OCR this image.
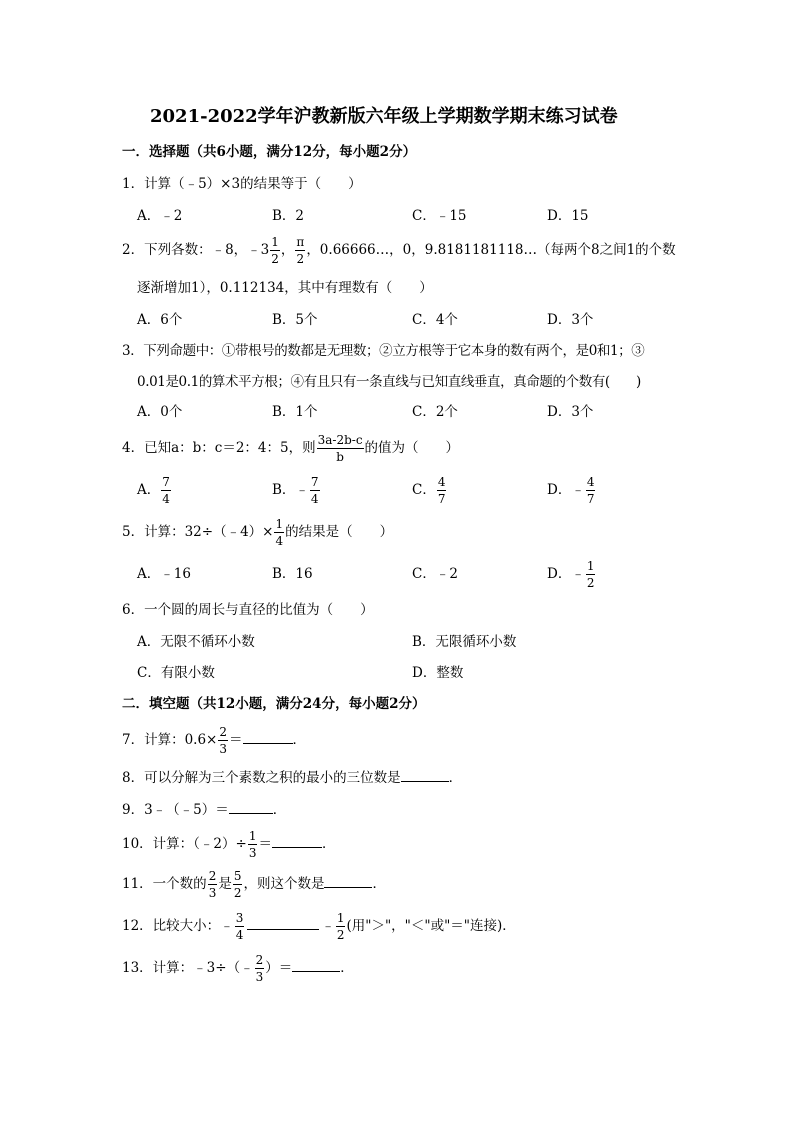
2021-2022学年沪教新版六年级上学期数学期末练习试卷
一．选择题（共6小题，满分12分，每小题2分）
1．计算（﹣5）×3的结果等于（　　）
A．﹣2	B．2	C．﹣15	D．15
2．下列各数：﹣8，﹣3 $\frac{1}{2}$ ， $\frac{\pi}{2}$ ，0.66666…，0，9.8181181118…（每两个8之间1的个数
逐渐增加1），0.112134，其中有理数有（　　）
A．6个	B．5个	C．4个	D．3个
3．下列命题中：①带根号的数都是无理数；②立方根等于它本身的数有两个，是0和1；③
0.01是0.1的算术平方根；④有且只有一条直线与已知直线垂直，真命题的个数有(　　)
A．0个	B．1个	C．2个	D．3个
4．已知a：b：c＝2：4：5，则 $\frac{3a-2b-c}{b}$ 的值为（　　）
A． $\frac{7}{4}$	B．﹣ $\frac{7}{4}$	C． $\frac{4}{7}$	D．﹣ $\frac{4}{7}$
5．计算：32÷（﹣4）× $\frac{1}{4}$ 的结果是（　　）
A．﹣16	B．16	C．﹣2	D．﹣ $\frac{1}{2}$
6．一个圆的周长与直径的比值为（　　）
A．无限不循环小数	B．无限循环小数
C．有限小数	D．整数
二．填空题（共12小题，满分24分，每小题2分）
7．计算：$0.6\times \frac{2}{3}$ ＝	．
8．可以分解为三个素数之积的最小的三位数是	．
9．3﹣（﹣5）＝	．
10．计算：（﹣2）÷ $\frac{1}{3}$ ＝	．
11．一个数的 $\frac{2}{3}$ 是 $\frac{5}{2}$ ，则这个数是	．
12．比较大小：﹣ $\frac{3}{4}$	﹣ $\frac{1}{2}$ (用"＞"，"＜"或"＝"连接)．
13．计算：﹣3÷（﹣ $\frac{2}{3}$ ）＝	．
